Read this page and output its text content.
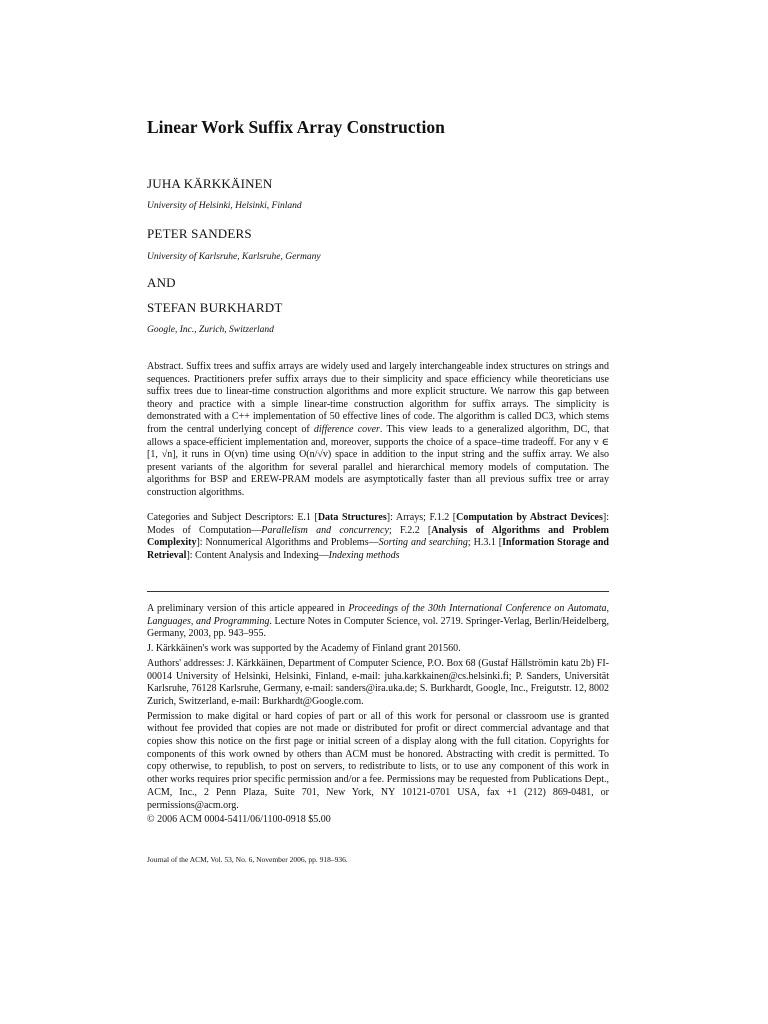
Linear Work Suffix Array Construction
JUHA KÄRKKÄINEN
University of Helsinki, Helsinki, Finland
PETER SANDERS
University of Karlsruhe, Karlsruhe, Germany
AND
STEFAN BURKHARDT
Google, Inc., Zurich, Switzerland

Abstract. Suffix trees and suffix arrays are widely used and largely interchangeable index structures on strings and sequences. Practitioners prefer suffix arrays due to their simplicity and space efficiency while theoreticians use suffix trees due to linear-time construction algorithms and more explicit structure. We narrow this gap between theory and practice with a simple linear-time construction algorithm for suffix arrays. The simplicity is demonstrated with a C++ implementation of 50 effective lines of code. The algorithm is called DC3, which stems from the central underlying concept of difference cover. This view leads to a generalized algorithm, DC, that allows a space-efficient implementation and, moreover, supports the choice of a space–time tradeoff. For any v ∈ [1, √n], it runs in O(vn) time using O(n/√v) space in addition to the input string and the suffix array. We also present variants of the algorithm for several parallel and hierarchical memory models of computation. The algorithms for BSP and EREW-PRAM models are asymptotically faster than all previous suffix tree or array construction algorithms.

Categories and Subject Descriptors: E.1 [Data Structures]: Arrays; F.1.2 [Computation by Abstract Devices]: Modes of Computation—Parallelism and concurrency; F.2.2 [Analysis of Algorithms and Problem Complexity]: Nonnumerical Algorithms and Problems—Sorting and searching; H.3.1 [Information Storage and Retrieval]: Content Analysis and Indexing—Indexing methods

A preliminary version of this article appeared in Proceedings of the 30th International Conference on Automata, Languages, and Programming. Lecture Notes in Computer Science, vol. 2719. Springer-Verlag, Berlin/Heidelberg, Germany, 2003, pp. 943–955.

J. Kärkkäinen's work was supported by the Academy of Finland grant 201560.

Authors' addresses: J. Kärkkäinen, Department of Computer Science, P.O. Box 68 (Gustaf Hällströmin katu 2b) FI-00014 University of Helsinki, Helsinki, Finland, e-mail: juha.karkkainen@cs.helsinki.fi; P. Sanders, Universität Karlsruhe, 76128 Karlsruhe, Germany, e-mail: sanders@ira.uka.de; S. Burkhardt, Google, Inc., Freigutstr. 12, 8002 Zurich, Switzerland, e-mail: Burkhardt@Google.com.

Permission to make digital or hard copies of part or all of this work for personal or classroom use is granted without fee provided that copies are not made or distributed for profit or direct commercial advantage and that copies show this notice on the first page or initial screen of a display along with the full citation. Copyrights for components of this work owned by others than ACM must be honored. Abstracting with credit is permitted. To copy otherwise, to republish, to post on servers, to redistribute to lists, or to use any component of this work in other works requires prior specific permission and/or a fee. Permissions may be requested from Publications Dept., ACM, Inc., 2 Penn Plaza, Suite 701, New York, NY 10121-0701 USA, fax +1 (212) 869-0481, or permissions@acm.org.

© 2006 ACM 0004-5411/06/1100-0918 $5.00

Journal of the ACM, Vol. 53, No. 6, November 2006, pp. 918–936.
